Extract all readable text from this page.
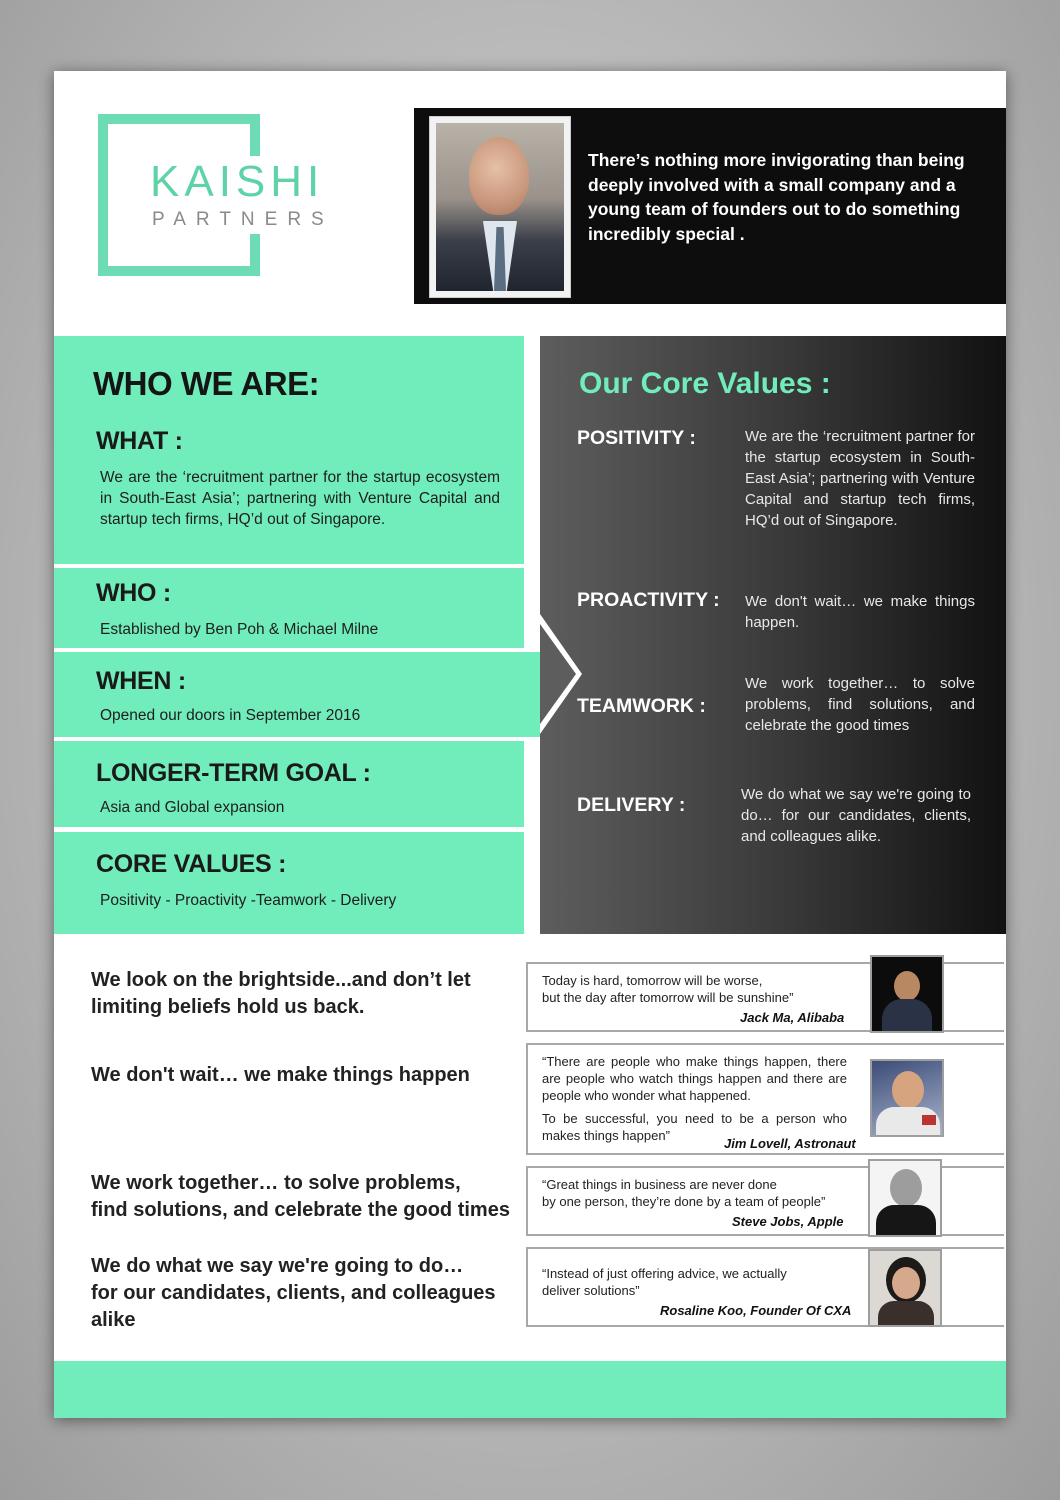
KAISHI
PARTNERS
There’s nothing more invigorating than being deeply involved with a small company and a young team of founders out to do something incredibly special .
WHO WE ARE:
WHAT :
We are the ‘recruitment partner for the startup ecosystem in South-East Asia’; partnering with Venture Capital and startup tech firms, HQ’d out of Singapore.
WHO :
Established by Ben Poh & Michael Milne
WHEN :
Opened our doors in September 2016
LONGER-TERM GOAL :
Asia and Global expansion
CORE VALUES :
Positivity - Proactivity -Teamwork - Delivery
Our Core Values :
POSITIVITY :	We are the ‘recruitment partner for the startup ecosystem in South-East Asia’; partnering with Venture Capital and startup tech firms, HQ’d out of Singapore.
PROACTIVITY : We don't wait… we make things happen.
TEAMWORK :
We work together… to solve problems, find solutions, and celebrate the good times
DELIVERY :	We do what we say we're going to do… for our candidates, clients, and colleagues alike.
We look on the brightside...and don’t let
limiting beliefs hold us back.
We don't wait… we make things happen
We work together… to solve problems,
find solutions, and celebrate the good times
We do what we say we're going to do…
for our candidates, clients, and colleagues
alike
Today is hard, tomorrow will be worse,
but the day after tomorrow will be sunshine”
Jack Ma, Alibaba
“There are people who make things happen, there are people who watch things happen and there are people who wonder what happened.
To be successful, you need to be a person who makes things happen”
Jim Lovell, Astronaut
“Great things in business are never done
by one person, they’re done by a team of people”
Steve Jobs, Apple
“Instead of just offering advice, we actually
deliver solutions”
Rosaline Koo, Founder Of CXA
